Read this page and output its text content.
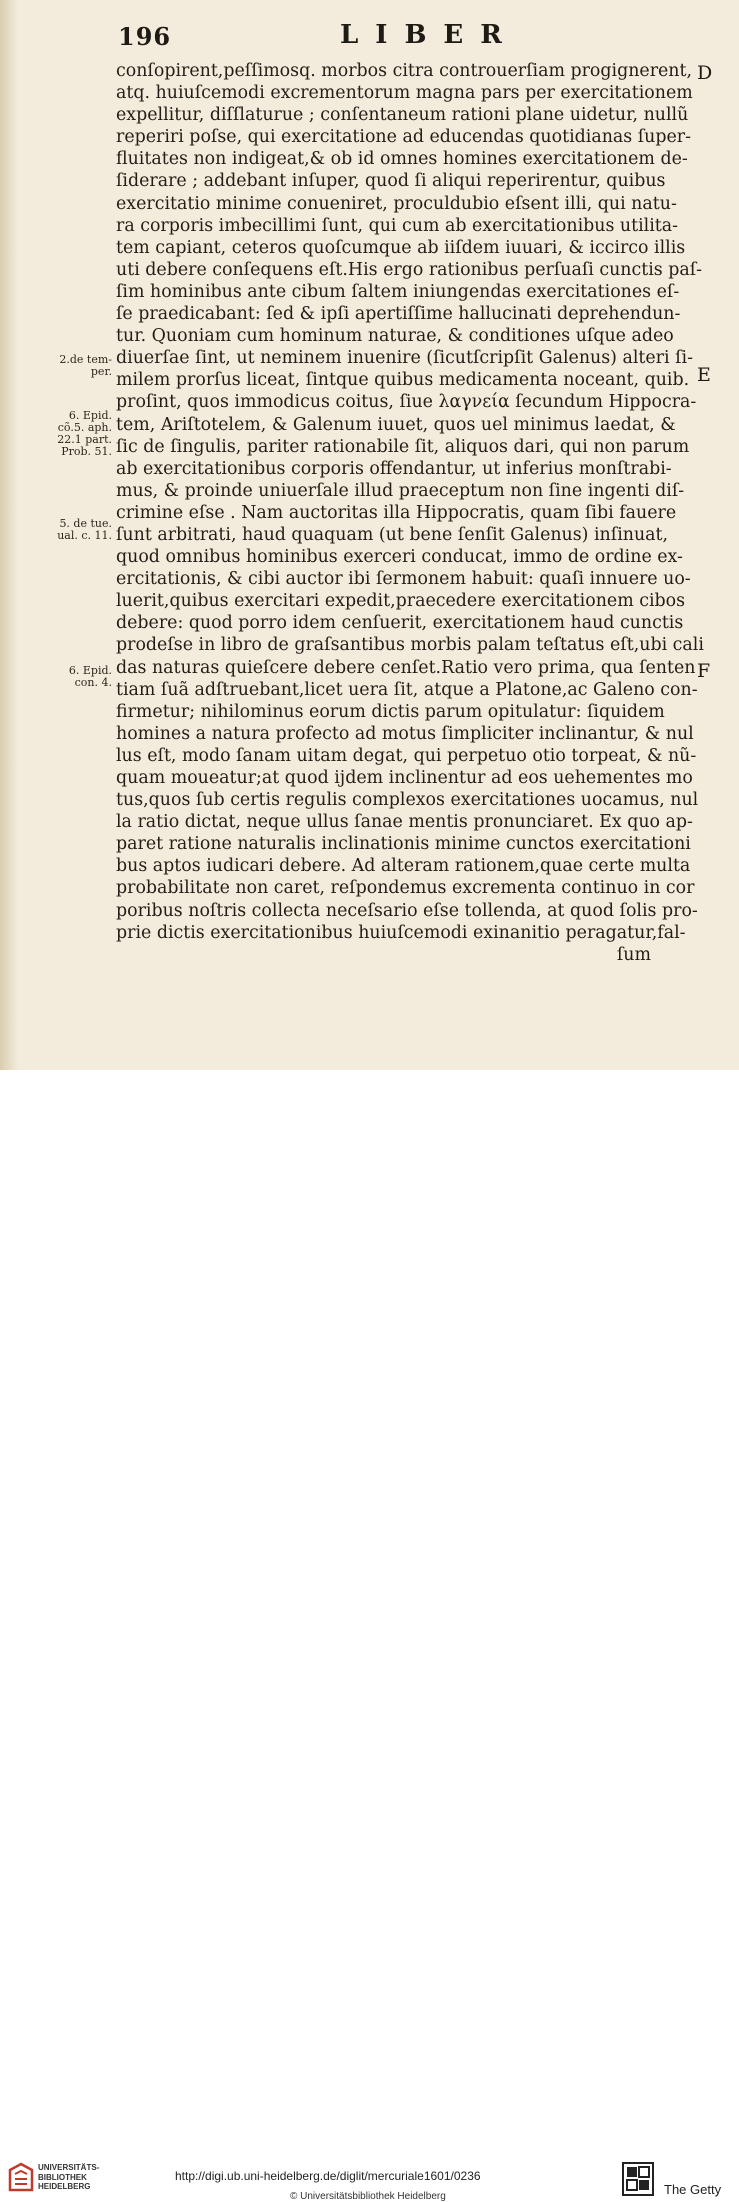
196	LIBER
conſopirent,peſſimosq. morbos citra controuerſiam progignerent,
atq. huiuſcemodi excrementorum magna pars per exercitationem
expellitur, diſſlaturue ; conſentaneum rationi plane uidetur, nullũ
reperiri poſse, qui exercitatione ad educendas quotidianas ſuper-
fluitates non indigeat,& ob id omnes homines exercitationem de-
ſiderare ; addebant inſuper, quod ſi aliqui reperirentur, quibus
exercitatio minime conueniret, proculdubio eſsent illi, qui natu-
ra corporis imbecillimi ſunt, qui cum ab exercitationibus utilita-
tem capiant, ceteros quoſcumque ab iiſdem iuuari, & iccirco illis
uti debere conſequens eſt.His ergo rationibus perſuaſi cunctis paſ-
ſim hominibus ante cibum ſaltem iniungendas exercitationes eſ-
ſe praedicabant: ſed & ipſi apertiſſime hallucinati deprehendun-
tur. Quoniam cum hominum naturae, & conditiones uſque adeo
diuerſae ſint, ut neminem inuenire (ſicutſcripſit Galenus) alteri ſi-
milem prorſus liceat, ſintque quibus medicamenta noceant, quib.
proſint, quos immodicus coitus, ſiue λαγνεία ſecundum Hippocra-
tem, Ariſtotelem, & Galenum iuuet, quos uel minimus laedat, &
ſic de ſingulis, pariter rationabile ſit, aliquos dari, qui non parum
ab exercitationibus corporis offendantur, ut inferius monſtrabi-
mus, & proinde uniuerſale illud praeceptum non ſine ingenti diſ-
crimine eſse . Nam auctoritas illa Hippocratis, quam ſibi fauere
ſunt arbitrati, haud quaquam (ut bene ſenſit Galenus) inſinuat,
quod omnibus hominibus exerceri conducat, immo de ordine ex-
ercitationis, & cibi auctor ibi ſermonem habuit: quaſi innuere uo-
luerit,quibus exercitari expedit,praecedere exercitationem cibos
debere: quod porro idem cenſuerit, exercitationem haud cunctis
prodeſse in libro de graſsantibus morbis palam teſtatus eſt,ubi cali
das naturas quieſcere debere cenſet.Ratio vero prima, qua ſenten
tiam ſuã adſtruebant,licet uera ſit, atque a Platone,ac Galeno con-
firmetur; nihilominus eorum dictis parum opitulatur: ſiquidem
homines a natura profecto ad motus ſimpliciter inclinantur, & nul
lus eſt, modo ſanam uitam degat, qui perpetuo otio torpeat, & nũ-
quam moueatur;at quod ijdem inclinentur ad eos uehementes mo
tus,quos ſub certis regulis complexos exercitationes uocamus, nul
la ratio dictat, neque ullus ſanae mentis pronunciaret. Ex quo ap-
paret ratione naturalis inclinationis minime cunctos exercitationi
bus aptos iudicari debere. Ad alteram rationem,quae certe multa
probabilitate non caret, reſpondemus excrementa continuo in cor
poribus noſtris collecta neceſsario eſse tollenda, at quod ſolis pro-
prie dictis exercitationibus huiuſcemodi exinanitio peragatur,fal-
ſum
2.de tem-
per.
6. Epid.
cõ.5. aph.
22.1 part.
Prob. 51.
5. de tue.
ual. c. 11.
6. Epid.
con. 4.
D
E
F
UNIVERSITÄTS-
BIBLIOTHEK
HEIDELBERG
http://digi.ub.uni-heidelberg.de/diglit/mercuriale1601/0236
© Universitätsbibliothek Heidelberg	The Getty
